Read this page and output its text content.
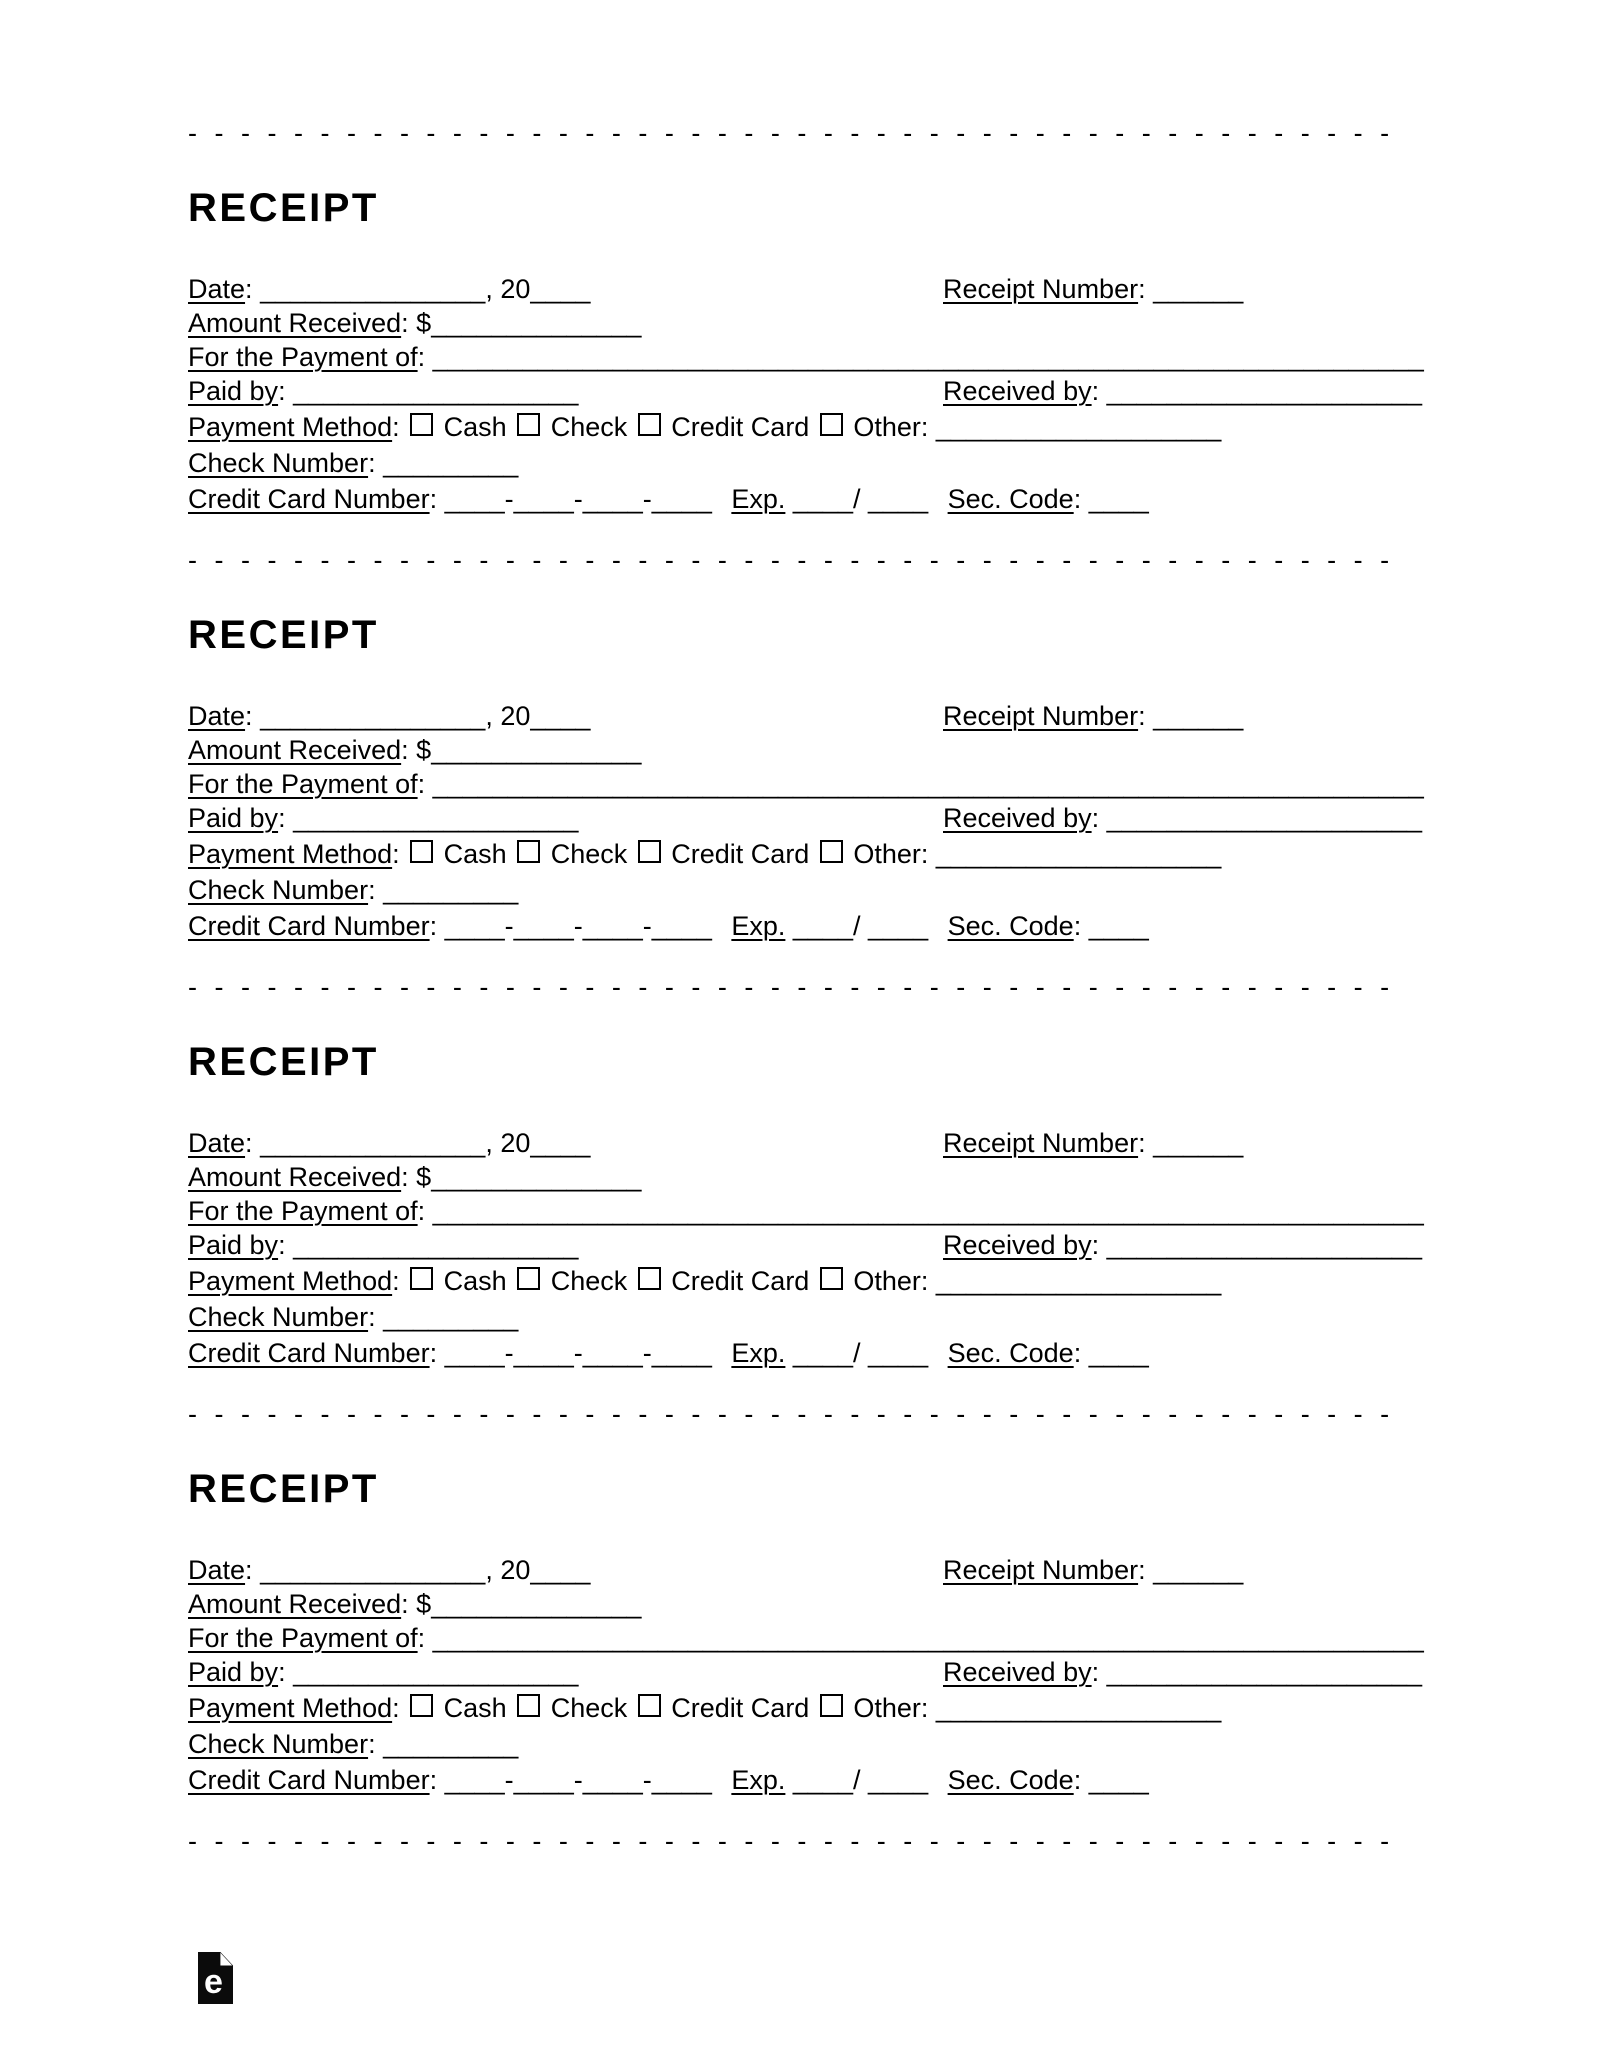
- - - - - - - - - - - - - - - - - - - - - - - - - - - - - - - - - - - - - - - - - - - - - -
RECEIPT
Date: _______________, 20____	Receipt Number: ______
Amount Received: $______________
For the Payment of: __________________________________________________________________
Paid by: ___________________	Received by: _____________________
Payment Method: Cash Check Credit Card Other: ___________________
Check Number: _________
Credit Card Number: ____-____-____-____ Exp. ____/ ____ Sec. Code: ____
- - - - - - - - - - - - - - - - - - - - - - - - - - - - - - - - - - - - - - - - - - - - - -
RECEIPT
Date: _______________, 20____	Receipt Number: ______
Amount Received: $______________
For the Payment of: __________________________________________________________________
Paid by: ___________________	Received by: _____________________
Payment Method: Cash Check Credit Card Other: ___________________
Check Number: _________
Credit Card Number: ____-____-____-____ Exp. ____/ ____ Sec. Code: ____
- - - - - - - - - - - - - - - - - - - - - - - - - - - - - - - - - - - - - - - - - - - - - -
RECEIPT
Date: _______________, 20____	Receipt Number: ______
Amount Received: $______________
For the Payment of: __________________________________________________________________
Paid by: ___________________	Received by: _____________________
Payment Method: Cash Check Credit Card Other: ___________________
Check Number: _________
Credit Card Number: ____-____-____-____ Exp. ____/ ____ Sec. Code: ____
- - - - - - - - - - - - - - - - - - - - - - - - - - - - - - - - - - - - - - - - - - - - - -
RECEIPT
Date: _______________, 20____	Receipt Number: ______
Amount Received: $______________
For the Payment of: __________________________________________________________________
Paid by: ___________________	Received by: _____________________
Payment Method: Cash Check Credit Card Other: ___________________
Check Number: _________
Credit Card Number: ____-____-____-____ Exp. ____/ ____ Sec. Code: ____
- - - - - - - - - - - - - - - - - - - - - - - - - - - - - - - - - - - - - - - - - - - - - -
e
